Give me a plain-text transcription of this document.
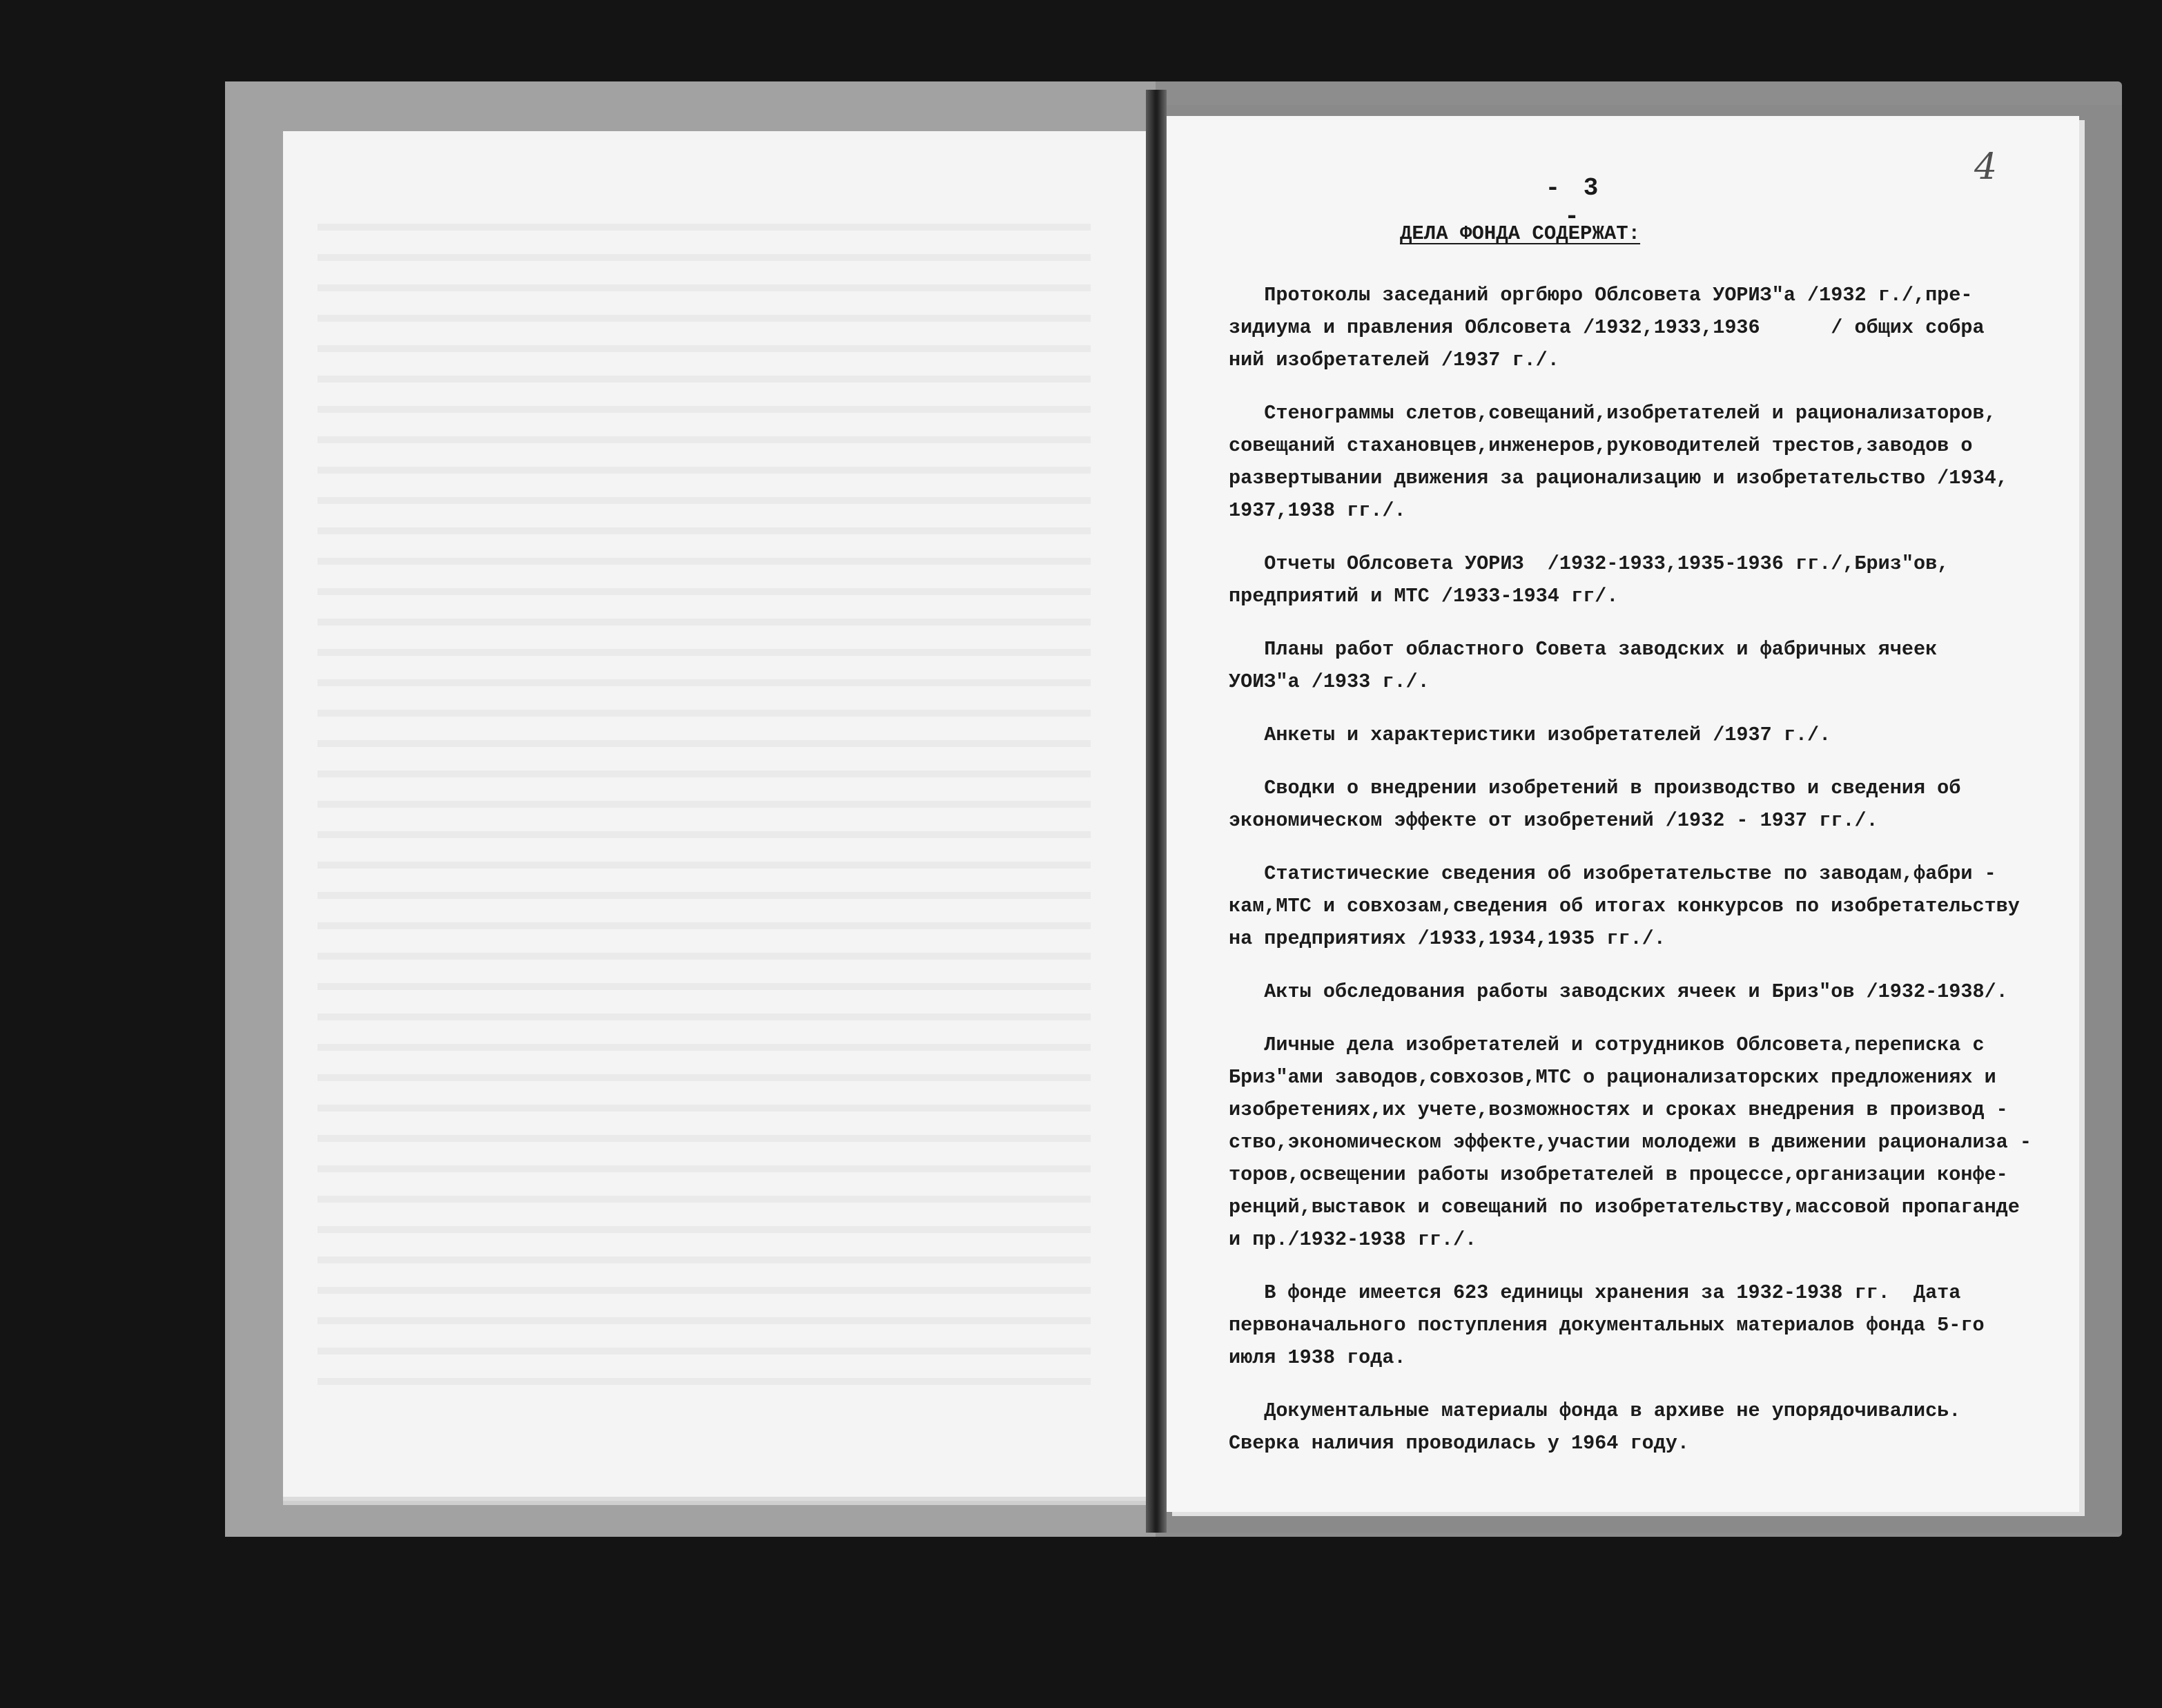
- 3 -
4
ДЕЛА ФОНДА СОДЕРЖАТ:
Протоколы заседаний оргбюро Облсовета УОРИЗ"а /1932 г./,пре-
зидиума и правления Облсовета /1932,1933,1936      / общих собра
ний изобретателей /1937 г./.
Стенограммы слетов,совещаний,изобретателей и рационализаторов,
совещаний стахановцев,инженеров,руководителей трестов,заводов о
развертывании движения за рационализацию и изобретательство /1934,
1937,1938 гг./.
Отчеты Облсовета УОРИЗ  /1932-1933,1935-1936 гг./,Бриз"ов,
предприятий и МТС /1933-1934 гг/.
Планы работ областного Совета заводских и фабричных ячеек
УОИЗ"а /1933 г./.
Анкеты и характеристики изобретателей /1937 г./.
Сводки о внедрении изобретений в производство и сведения об
экономическом эффекте от изобретений /1932 - 1937 гг./.
Статистические сведения об изобретательстве по заводам,фабри -
кам,МТС и совхозам,сведения об итогах конкурсов по изобретательству
на предприятиях /1933,1934,1935 гг./.
Акты обследования работы заводских ячеек и Бриз"ов /1932-1938/.
Личные дела изобретателей и сотрудников Облсовета,переписка с
Бриз"ами заводов,совхозов,МТС о рационализаторских предложениях и
изобретениях,их учете,возможностях и сроках внедрения в производ -
ство,экономическом эффекте,участии молодежи в движении рационализа -
торов,освещении работы изобретателей в процессе,организации конфе-
ренций,выставок и совещаний по изобретательству,массовой пропаганде
и пр./1932-1938 гг./.
В фонде имеется 623 единицы хранения за 1932-1938 гг.  Дата
первоначального поступления документальных материалов фонда 5-го
июля 1938 года.
Документальные материалы фонда в архиве не упорядочивались.
Сверка наличия проводилась у 1964 году.
